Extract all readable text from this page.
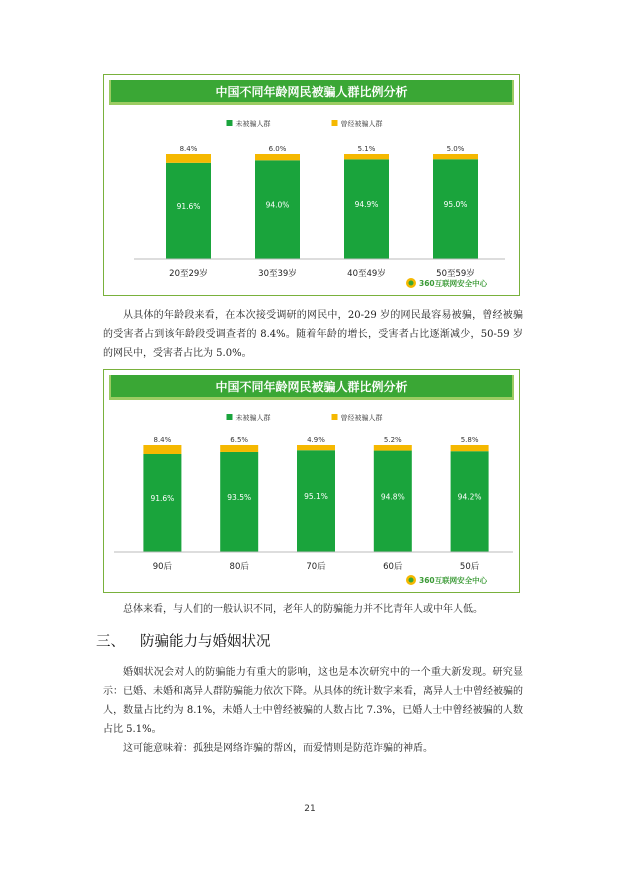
中国不同年龄网民被骗人群比例分析
未被骗人群	曾经被骗人群
91.6%
8.4%
20至29岁
94.0%
6.0%
30至39岁
94.9%
5.1%
40至49岁
95.0%
5.0%
50至59岁
360互联网安全中心

从具体的年龄段来看，在本次接受调研的网民中，20-29 岁的网民最容易被骗，曾经被骗的受害者占到该年龄段受调查者的 8.4%。随着年龄的增长，受害者占比逐渐减少，50-59 岁的网民中，受害者占比为 5.0%。

中国不同年龄网民被骗人群比例分析
未被骗人群	曾经被骗人群
91.6%
8.4%
90后
93.5%
6.5%
80后
95.1%
4.9%
70后
94.8%
5.2%
60后
94.2%
5.8%
50后
360互联网安全中心

总体来看，与人们的一般认识不同，老年人的防骗能力并不比青年人或中年人低。

三、 防骗能力与婚姻状况

婚姻状况会对人的防骗能力有重大的影响，这也是本次研究中的一个重大新发现。研究显示：已婚、未婚和离异人群防骗能力依次下降。从具体的统计数字来看，离异人士中曾经被骗的人，数量占比约为 8.1%，未婚人士中曾经被骗的人数占比 7.3%，已婚人士中曾经被骗的人数占比 5.1%。

这可能意味着：孤独是网络诈骗的帮凶，而爱情则是防范诈骗的神盾。

21
